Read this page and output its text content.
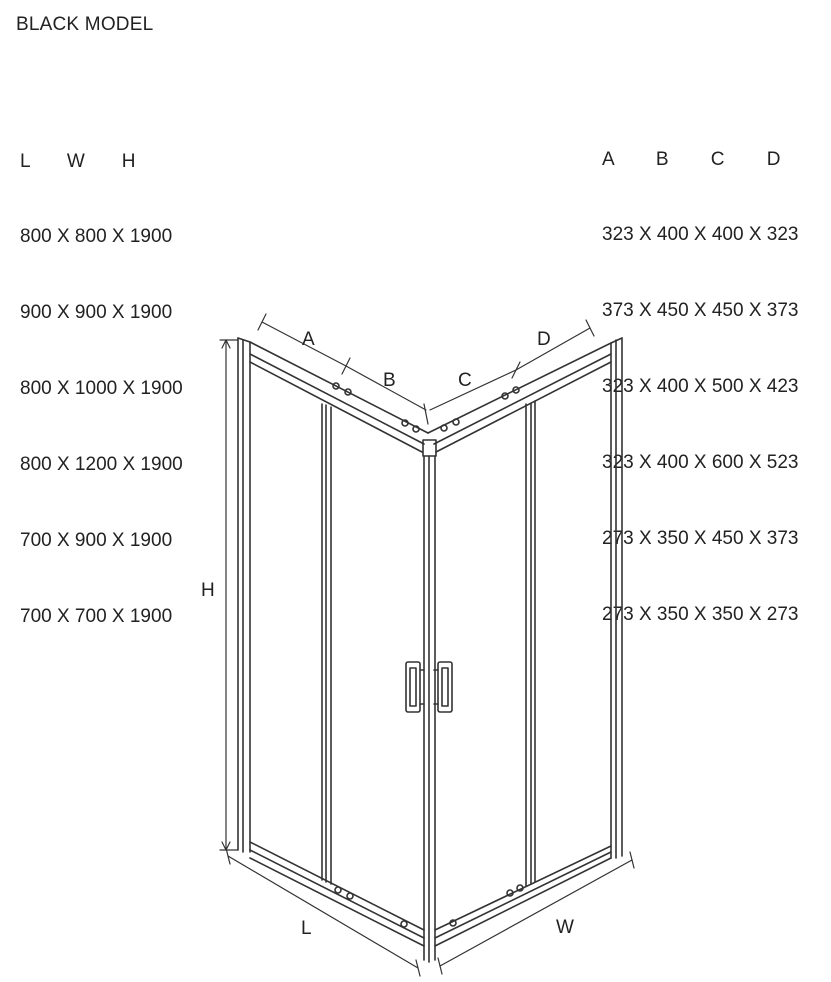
BLACK MODEL

L       W       H

800 X 800 X 1900

900 X 900 X 1900

800 X 1000 X 1900

800 X 1200 X 1900

700 X 900 X 1900

700 X 700 X 1900

A        B        C        D

323 X 400 X 400 X 323

373 X 450 X 450 X 373

323 X 400 X 500 X 423

323 X 400 X 600 X 523

273 X 350 X 450 X 373

273 X 350 X 350 X 273

A
B	C
D
H
L	W
